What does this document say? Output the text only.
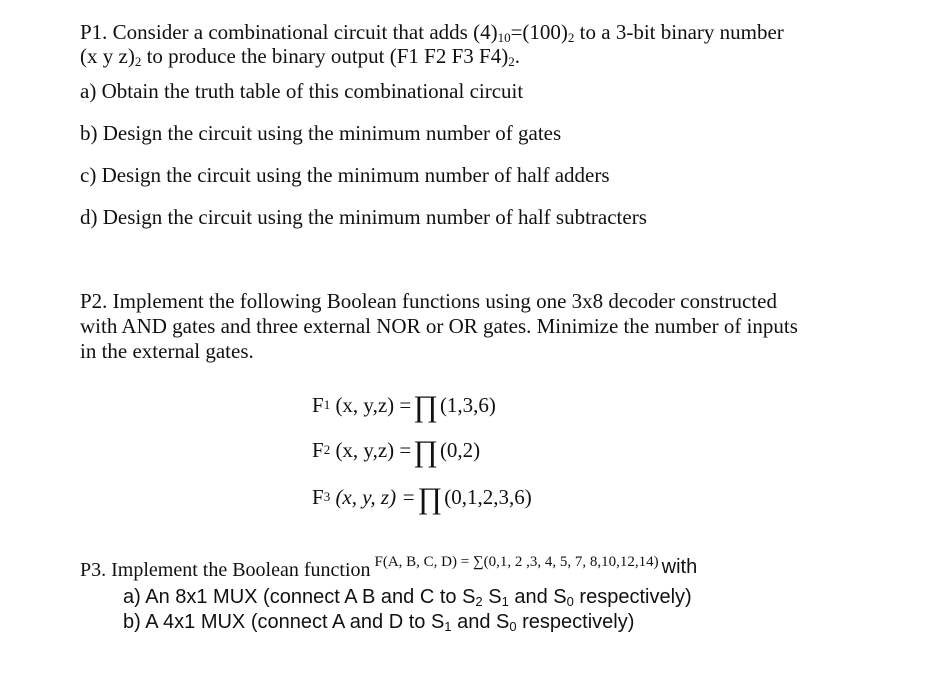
P1. Consider a combinational circuit that adds $(4)_{10}=(100)_2$ to a 3-bit binary number
(x y $z)_2$ to produce the binary output (F1 F2 F3 $F4)_2$.
a) Obtain the truth table of this combinational circuit
b) Design the circuit using the minimum number of gates
c) Design the circuit using the minimum number of half adders
d) Design the circuit using the minimum number of half subtracters
P2. Implement the following Boolean functions using one 3x8 decoder constructed
with AND gates and three external NOR or OR gates. Minimize the number of inputs
in the external gates.
F 1
(x, y,z) = ∏ (1,3,6)
F 2
(x, y,z) = ∏ (0,2)
F 3
(x, y, z) = ∏ (0,1,2,3,6)
P3. Implement the Boolean function F(A, B, C, D) = ∑(0,1, 2 ,3, 4, 5, 7, 8,10,12,14) with
a) An 8x1 MUX (connect A B and C to S2 S1 and S0 respectively)
b) A 4x1 MUX (connect A and D to S1 and S0 respectively)
